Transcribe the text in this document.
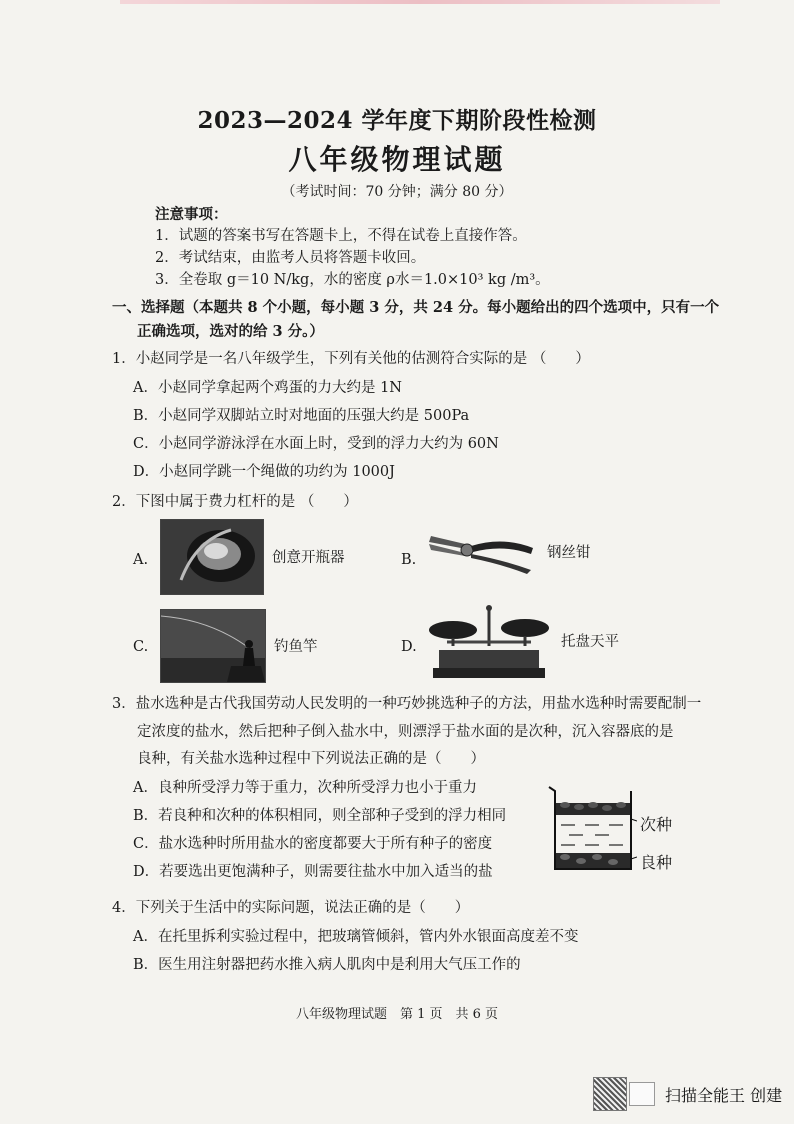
2023—2024 学年度下期阶段性检测
八年级物理试题
（考试时间：70 分钟；满分 80 分）
注意事项：
1．试题的答案书写在答题卡上，不得在试卷上直接作答。
2．考试结束，由监考人员将答题卡收回。
3．全卷取 g＝10 N/kg，水的密度 ρ水＝1.0×10³ kg /m³。
一、选择题（本题共 8 个小题，每小题 3 分，共 24 分。每小题给出的四个选项中，只有一个
正确选项，选对的给 3 分。）
1．小赵同学是一名八年级学生，下列有关他的估测符合实际的是 （　　）
A．小赵同学拿起两个鸡蛋的力大约是 1N
B．小赵同学双脚站立时对地面的压强大约是 500Pa
C．小赵同学游泳浮在水面上时，受到的浮力大约为 60N
D．小赵同学跳一个绳做的功约为 1000J
2．下图中属于费力杠杆的是 （　　）
A.	创意开瓶器	B.	钢丝钳
C.	钓鱼竿	D.	托盘天平
3．盐水选种是古代我国劳动人民发明的一种巧妙挑选种子的方法，用盐水选种时需要配制一
定浓度的盐水，然后把种子倒入盐水中，则漂浮于盐水面的是次种，沉入容器底的是
良种，有关盐水选种过程中下列说法正确的是（　　）
A．良种所受浮力等于重力，次种所受浮力也小于重力
B．若良种和次种的体积相同，则全部种子受到的浮力相同
C．盐水选种时所用盐水的密度都要大于所有种子的密度
D．若要选出更饱满种子，则需要往盐水中加入适当的盐
次种
良种
4．下列关于生活中的实际问题，说法正确的是（　　）
A．在托里拆利实验过程中，把玻璃管倾斜，管内外水银面高度差不变
B．医生用注射器把药水推入病人肌肉中是利用大气压工作的
八年级物理试题　第 1 页　共 6 页
扫描全能王 创建
